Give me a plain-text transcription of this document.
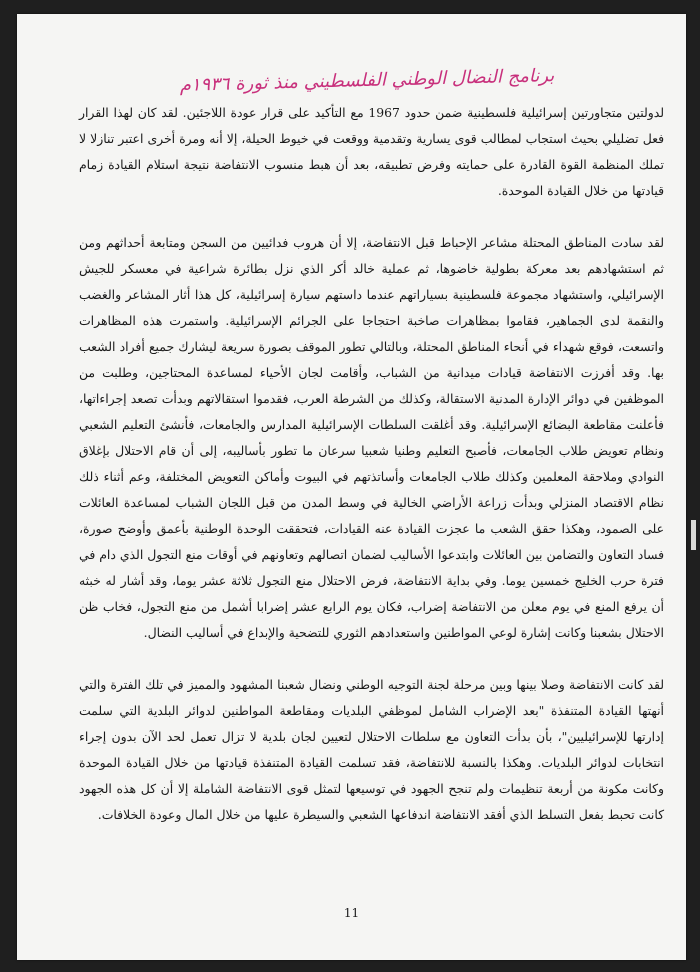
برنامج النضال الوطني الفلسطيني منذ ثورة ١٩٣٦م

لدولتين متجاورتين إسرائيلية فلسطينية ضمن حدود 1967 مع التأكيد على قرار عودة اللاجئين. لقد كان لهذا القرار فعل تضليلي بحيث استجاب لمطالب قوى يسارية وتقدمية ووقعت في خيوط الحيلة، إلا أنه ومرة أخرى اعتبر تنازلا لا تملك المنظمة القوة القادرة على حمايته وفرض تطبيقه، بعد أن هبط منسوب الانتفاضة نتيجة استلام القيادة زمام قيادتها من خلال القيادة الموحدة.

لقد سادت المناطق المحتلة مشاعر الإحباط قبل الانتفاضة، إلا أن هروب فدائيين من السجن ومتابعة أحداثهم ومن ثم استشهادهم بعد معركة بطولية خاضوها، ثم عملية خالد أكر الذي نزل بطائرة شراعية في معسكر للجيش الإسرائيلي، واستشهاد مجموعة فلسطينية بسياراتهم عندما داستهم سيارة إسرائيلية، كل هذا أثار المشاعر والغضب والنقمة لدى الجماهير، فقاموا بمظاهرات صاخبة احتجاجا على الجرائم الإسرائيلية. واستمرت هذه المظاهرات واتسعت، فوقع شهداء في أنحاء المناطق المحتلة، وبالتالي تطور الموقف بصورة سريعة ليشارك جميع أفراد الشعب بها. وقد أفرزت الانتفاضة قيادات ميدانية من الشباب، وأقامت لجان الأحياء لمساعدة المحتاجين، وطلبت من الموظفين في دوائر الإدارة المدنية الاستقالة، وكذلك من الشرطة العرب، فقدموا استقالاتهم وبدأت تصعد إجراءاتها، فأعلنت مقاطعة البضائع الإسرائيلية. وقد أغلقت السلطات الإسرائيلية المدارس والجامعات، فأنشئ التعليم الشعبي ونظام تعويض طلاب الجامعات، فأصبح التعليم وطنيا شعبيا سرعان ما تطور بأساليبه، إلى أن قام الاحتلال بإغلاق النوادي وملاحقة المعلمين وكذلك طلاب الجامعات وأساتذتهم في البيوت وأماكن التعويض المختلفة، وعم أثناء ذلك نظام الاقتصاد المنزلي وبدأت زراعة الأراضي الخالية في وسط المدن من قبل اللجان الشباب لمساعدة العائلات على الصمود، وهكذا حقق الشعب ما عجزت القيادة عنه القيادات، فتحققت الوحدة الوطنية بأعمق وأوضح صورة، فساد التعاون والتضامن بين العائلات وابتدعوا الأساليب لضمان اتصالهم وتعاونهم في أوقات منع التجول الذي دام في فترة حرب الخليج خمسين يوما. وفي بداية الانتفاضة، فرض الاحتلال منع التجول ثلاثة عشر يوما، وقد أشار له خبثه أن يرفع المنع في يوم معلن من الانتفاضة إضراب، فكان يوم الرابع عشر إضرابا أشمل من منع التجول، فخاب ظن الاحتلال بشعبنا وكانت إشارة لوعي المواطنين واستعدادهم الثوري للتضحية والإبداع في أساليب النضال.

لقد كانت الانتفاضة وصلا بينها وبين مرحلة لجنة التوجيه الوطني ونضال شعبنا المشهود والمميز في تلك الفترة والتي أنهتها القيادة المتنفذة "بعد الإضراب الشامل لموظفي البلديات ومقاطعة المواطنين لدوائر البلدية التي سلمت إدارتها للإسرائيليين"، بأن بدأت التعاون مع سلطات الاحتلال لتعيين لجان بلدية لا تزال تعمل لحد الآن بدون إجراء انتخابات لدوائر البلديات. وهكذا بالنسبة للانتفاضة، فقد تسلمت القيادة المتنفذة قيادتها من خلال القيادة الموحدة وكانت مكونة من أربعة تنظيمات ولم تنجح الجهود في توسيعها لتمثل قوى الانتفاضة الشاملة إلا أن كل هذه الجهود كانت تحبط بفعل التسلط الذي أفقد الانتفاضة اندفاعها الشعبي والسيطرة عليها من خلال المال وعودة الخلافات.

11
